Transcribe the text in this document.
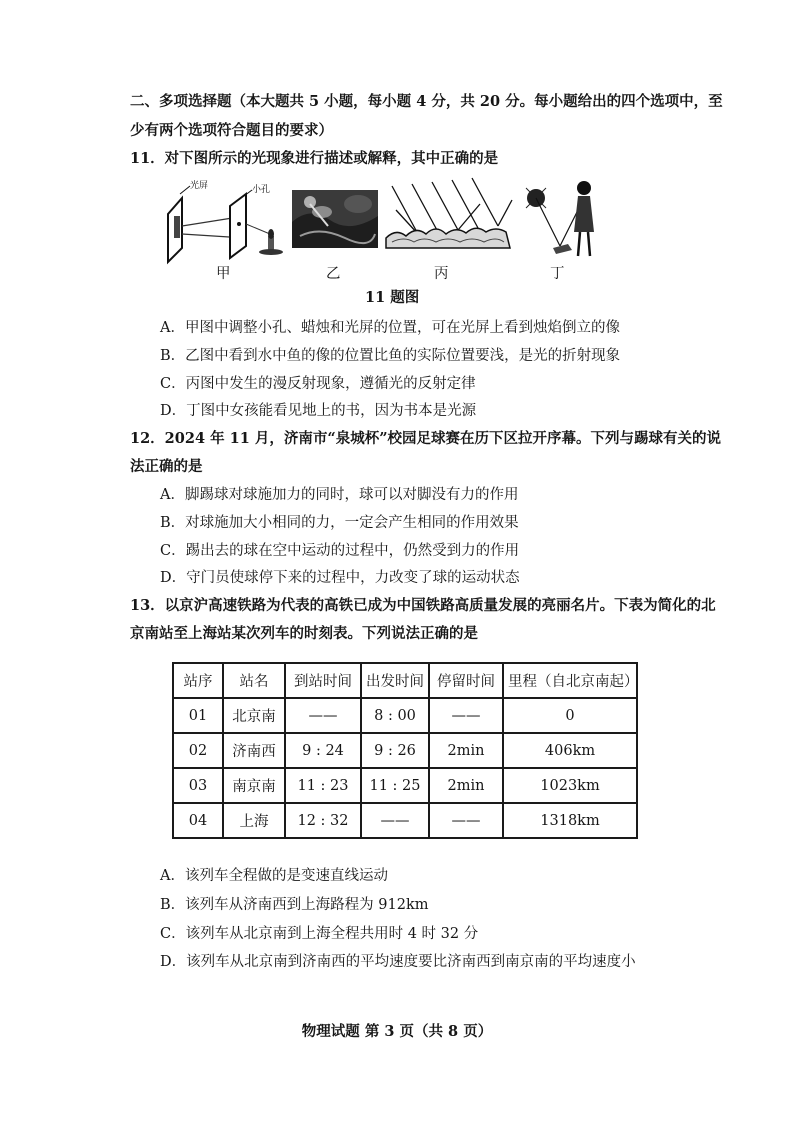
二、多项选择题（本大题共 5 小题，每小题 4 分，共 20 分。每小题给出的四个选项中，至
少有两个选项符合题目的要求）
11．对下图所示的光现象进行描述或解释，其中正确的是
光屏	小孔
甲	乙	丙	丁
11 题图
A．甲图中调整小孔、蜡烛和光屏的位置，可在光屏上看到烛焰倒立的像
B．乙图中看到水中鱼的像的位置比鱼的实际位置要浅，是光的折射现象
C．丙图中发生的漫反射现象，遵循光的反射定律
D．丁图中女孩能看见地上的书，因为书本是光源
12．2024 年 11 月，济南市“泉城杯”校园足球赛在历下区拉开序幕。下列与踢球有关的说
法正确的是
A．脚踢球对球施加力的同时，球可以对脚没有力的作用
B．对球施加大小相同的力，一定会产生相同的作用效果
C．踢出去的球在空中运动的过程中，仍然受到力的作用
D．守门员使球停下来的过程中，力改变了球的运动状态
13．以京沪高速铁路为代表的高铁已成为中国铁路高质量发展的亮丽名片。下表为简化的北
京南站至上海站某次列车的时刻表。下列说法正确的是
站序	站名	到站时间	出发时间	停留时间	里程（自北京南起）
01	北京南	——	8 : 00	——	0
02	济南西	9 : 24	9 : 26	2min	406km
03	南京南	11 : 23	11 : 25	2min	1023km
04	上海	12 : 32	——	——	1318km
A．该列车全程做的是变速直线运动
B．该列车从济南西到上海路程为 912km
C．该列车从北京南到上海全程共用时 4 时 32 分
D．该列车从北京南到济南西的平均速度要比济南西到南京南的平均速度小
物理试题 第 3 页（共 8 页）
